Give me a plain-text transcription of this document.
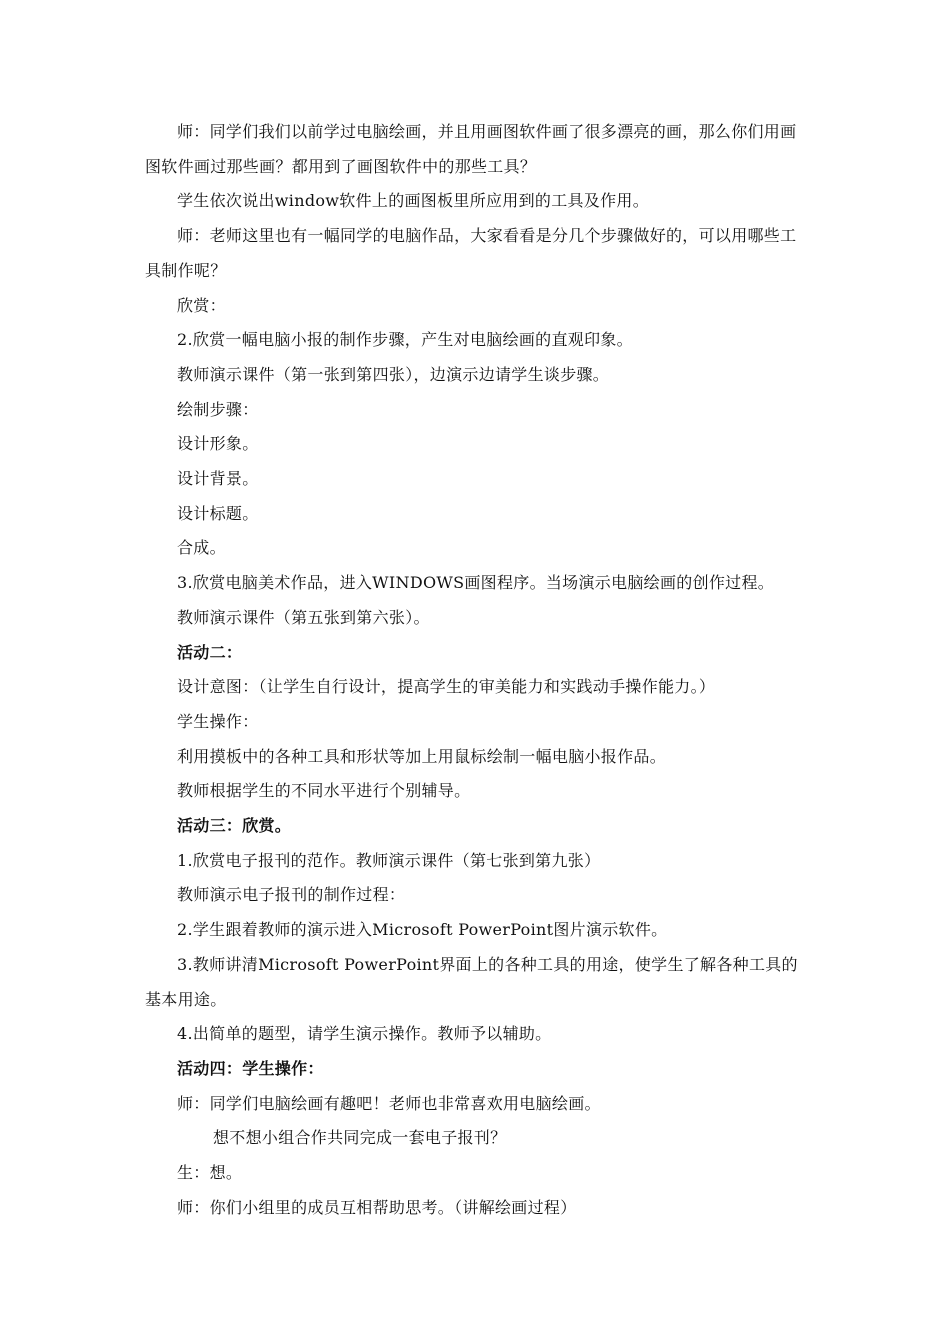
师：同学们我们以前学过电脑绘画，并且用画图软件画了很多漂亮的画，那么你们用画图软件画过那些画？都用到了画图软件中的那些工具？

学生依次说出window软件上的画图板里所应用到的工具及作用。

师：老师这里也有一幅同学的电脑作品，大家看看是分几个步骤做好的，可以用哪些工具制作呢？

欣赏：

2.欣赏一幅电脑小报的制作步骤，产生对电脑绘画的直观印象。

教师演示课件（第一张到第四张），边演示边请学生谈步骤。

绘制步骤：

设计形象。

设计背景。

设计标题。

合成。

3.欣赏电脑美术作品，进入WINDOWS画图程序。当场演示电脑绘画的创作过程。

教师演示课件（第五张到第六张）。

活动二：

设计意图：（让学生自行设计，提高学生的审美能力和实践动手操作能力。）

学生操作：

利用摸板中的各种工具和形状等加上用鼠标绘制一幅电脑小报作品。

教师根据学生的不同水平进行个别辅导。

活动三：欣赏。

1.欣赏电子报刊的范作。教师演示课件（第七张到第九张）

教师演示电子报刊的制作过程：

2.学生跟着教师的演示进入Microsoft PowerPoint图片演示软件。

3.教师讲清Microsoft PowerPoint界面上的各种工具的用途，使学生了解各种工具的基本用途。

4.出简单的题型，请学生演示操作。教师予以辅助。

活动四：学生操作：

师：同学们电脑绘画有趣吧！老师也非常喜欢用电脑绘画。

想不想小组合作共同完成一套电子报刊？

生：想。

师：你们小组里的成员互相帮助思考。（讲解绘画过程）
